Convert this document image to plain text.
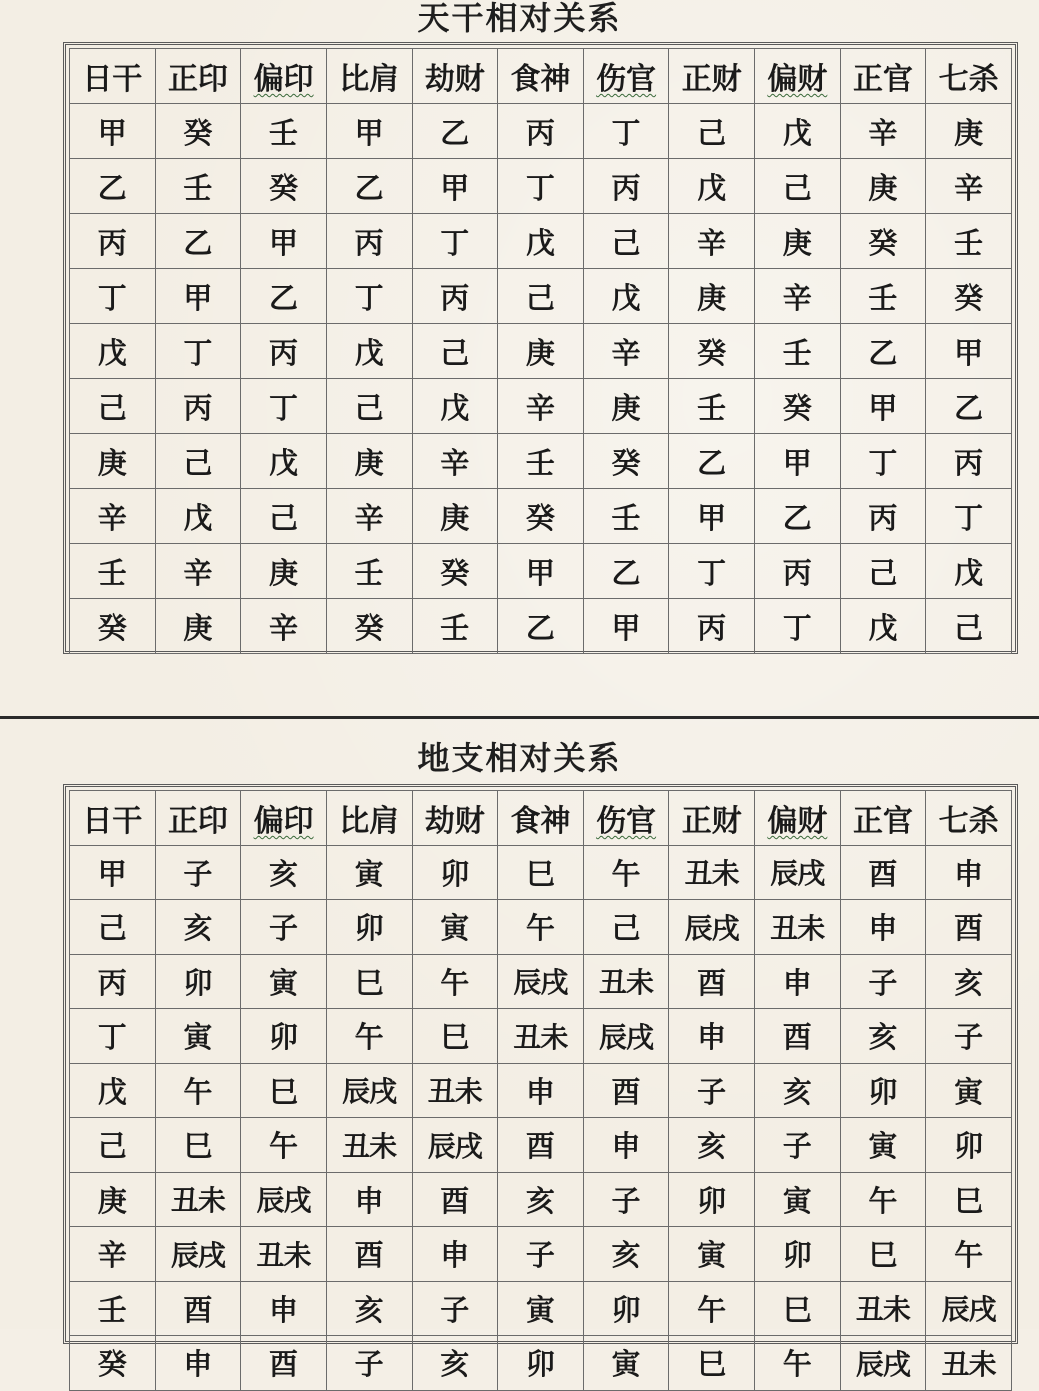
天干相对关系
日干	正印	偏印	比肩	劫财	食神	伤官	正财	偏财	正官	七杀
甲	癸	壬	甲	乙	丙	丁	己	戊	辛	庚
乙	壬	癸	乙	甲	丁	丙	戊	己	庚	辛
丙	乙	甲	丙	丁	戊	己	辛	庚	癸	壬
丁	甲	乙	丁	丙	己	戊	庚	辛	壬	癸
戊	丁	丙	戊	己	庚	辛	癸	壬	乙	甲
己	丙	丁	己	戊	辛	庚	壬	癸	甲	乙
庚	己	戊	庚	辛	壬	癸	乙	甲	丁	丙
辛	戊	己	辛	庚	癸	壬	甲	乙	丙	丁
壬	辛	庚	壬	癸	甲	乙	丁	丙	己	戊
癸	庚	辛	癸	壬	乙	甲	丙	丁	戊	己
地支相对关系
日干	正印	偏印	比肩	劫财	食神	伤官	正财	偏财	正官	七杀
甲	子	亥	寅	卯	巳	午	丑未	辰戌	酉	申
己	亥	子	卯	寅	午	己	辰戌	丑未	申	酉
丙	卯	寅	巳	午	辰戌	丑未	酉	申	子	亥
丁	寅	卯	午	巳	丑未	辰戌	申	酉	亥	子
戊	午	巳	辰戌	丑未	申	酉	子	亥	卯	寅
己	巳	午	丑未	辰戌	酉	申	亥	子	寅	卯
庚	丑未	辰戌	申	酉	亥	子	卯	寅	午	巳
辛	辰戌	丑未	酉	申	子	亥	寅	卯	巳	午
壬	酉	申	亥	子	寅	卯	午	巳	丑未	辰戌
癸	申	酉	子	亥	卯	寅	巳	午	辰戌	丑未
